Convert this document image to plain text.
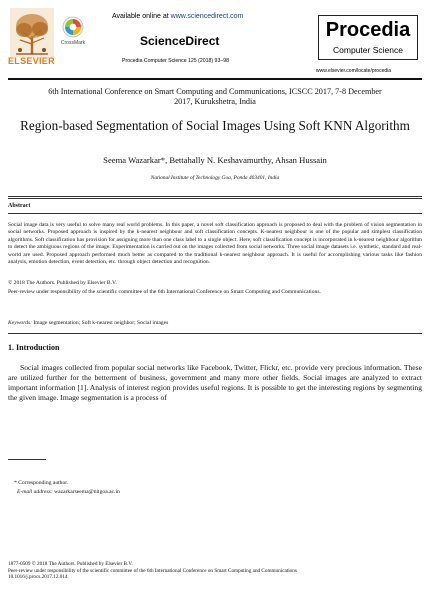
ELSEVIER
CrossMark
Available online at www.sciencedirect.com
ScienceDirect
Procedia Computer Science 125 (2018) 93–98
Procedia
Computer Science
www.elsevier.com/locate/procedia
6th International Conference on Smart Computing and Communications, ICSCC 2017, 7-8 December 2017, Kurukshetra, India
Region-based Segmentation of Social Images Using Soft KNN Algorithm
Seema Wazarkar*, Bettahally N. Keshavamurthy, Ahsan Hussain
National Institute of Technology Goa, Ponda 403401, India
Abstract
Social image data is very useful to solve many real world problems. In this paper, a novel soft classification approach is proposed to deal with the problem of vision segmentation in social networks. Proposed approach is inspired by the k-nearest neighbour and soft classification concepts. K-nearest neighbour is one of the popular and simplest classification algorithms. Soft classification has provision for assigning more than one class label to a single object. Here, soft classification concept is incorporated in k-nearest neighbour algorithm to detect the ambiguous regions of the image. Experimentation is carried out on the images collected from social networks. Three social image datasets i.e. synthetic, standard and real-world are used. Proposed approach performed much better as compared to the traditional k-nearest neighbour approach. It is useful for accomplishing various tasks like fashion analysis, emotion detection, event detection, etc. through object detection and recognition.
© 2018 The Authors. Published by Elsevier B.V.
Peer-review under responsibility of the scientific committee of the 6th International Conference on Smart Computing and Communications.
Keywords: Image segmentation; Soft k-nearest neighbor; Social images
1. Introduction
Social images collected from popular social networks like Facebook, Twitter, Flickr, etc. provide very precious information. These are utilized further for the betterment of business, government and many more other fields. Social images are analyzed to extract important information [1]. Analysis of interest region provides useful regions. It is possible to get the interesting regions by segmenting the given image. Image segmentation is a process of
* Corresponding author.
E-mail address: wazarkarseema@nitgoa.ac.in
1877-0509 © 2018 The Authors. Published by Elsevier B.V.
Peer-review under responsibility of the scientific committee of the 6th International Conference on Smart Computing and Communications
10.1016/j.procs.2017.12.014
